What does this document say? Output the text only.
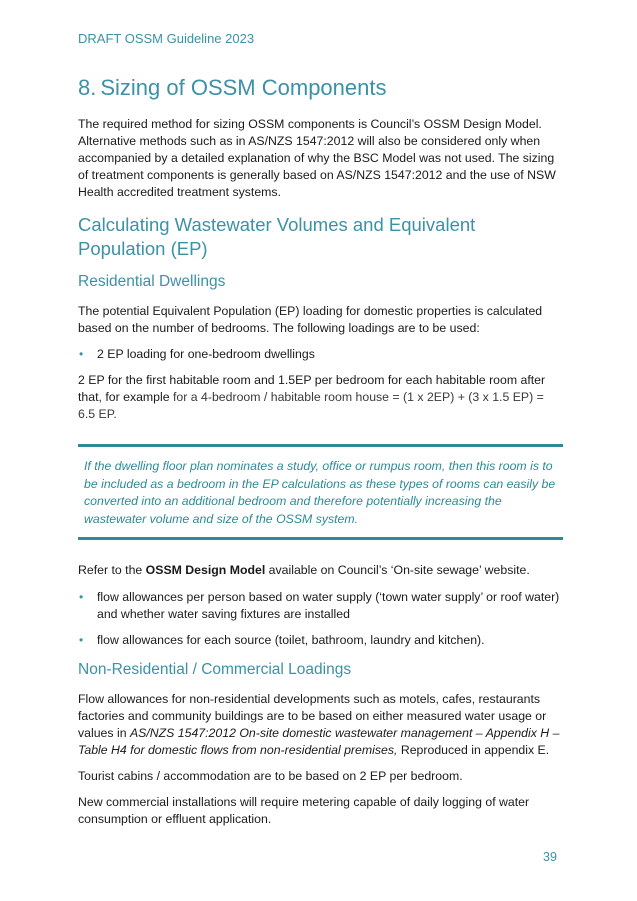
DRAFT OSSM Guideline 2023
8. Sizing of OSSM Components

The required method for sizing OSSM components is Council’s OSSM Design Model. Alternative methods such as in AS/NZS 1547:2012 will also be considered only when accompanied by a detailed explanation of why the BSC Model was not used. The sizing of treatment components is generally based on AS/NZS 1547:2012 and the use of NSW Health accredited treatment systems.

Calculating Wastewater Volumes and Equivalent Population (EP)
Residential Dwellings

The potential Equivalent Population (EP) loading for domestic properties is calculated based on the number of bedrooms. The following loadings are to be used:

• 2 EP loading for one-bedroom dwellings

2 EP for the first habitable room and 1.5EP per bedroom for each habitable room after that, for example for a 4-bedroom / habitable room house = (1 x 2EP) + (3 x 1.5 EP) = 6.5 EP.

If the dwelling floor plan nominates a study, office or rumpus room, then this room is to be included as a bedroom in the EP calculations as these types of rooms can easily be converted into an additional bedroom and therefore potentially increasing the wastewater volume and size of the OSSM system.

Refer to the OSSM Design Model available on Council’s ‘On-site sewage’ website.

• flow allowances per person based on water supply (‘town water supply’ or roof water) and whether water saving fixtures are installed
• flow allowances for each source (toilet, bathroom, laundry and kitchen).
Non-Residential / Commercial Loadings

Flow allowances for non-residential developments such as motels, cafes, restaurants factories and community buildings are to be based on either measured water usage or values in AS/NZS 1547:2012 On-site domestic wastewater management – Appendix H – Table H4 for domestic flows from non-residential premises, Reproduced in appendix E.

Tourist cabins / accommodation are to be based on 2 EP per bedroom.

New commercial installations will require metering capable of daily logging of water consumption or effluent application.

39
